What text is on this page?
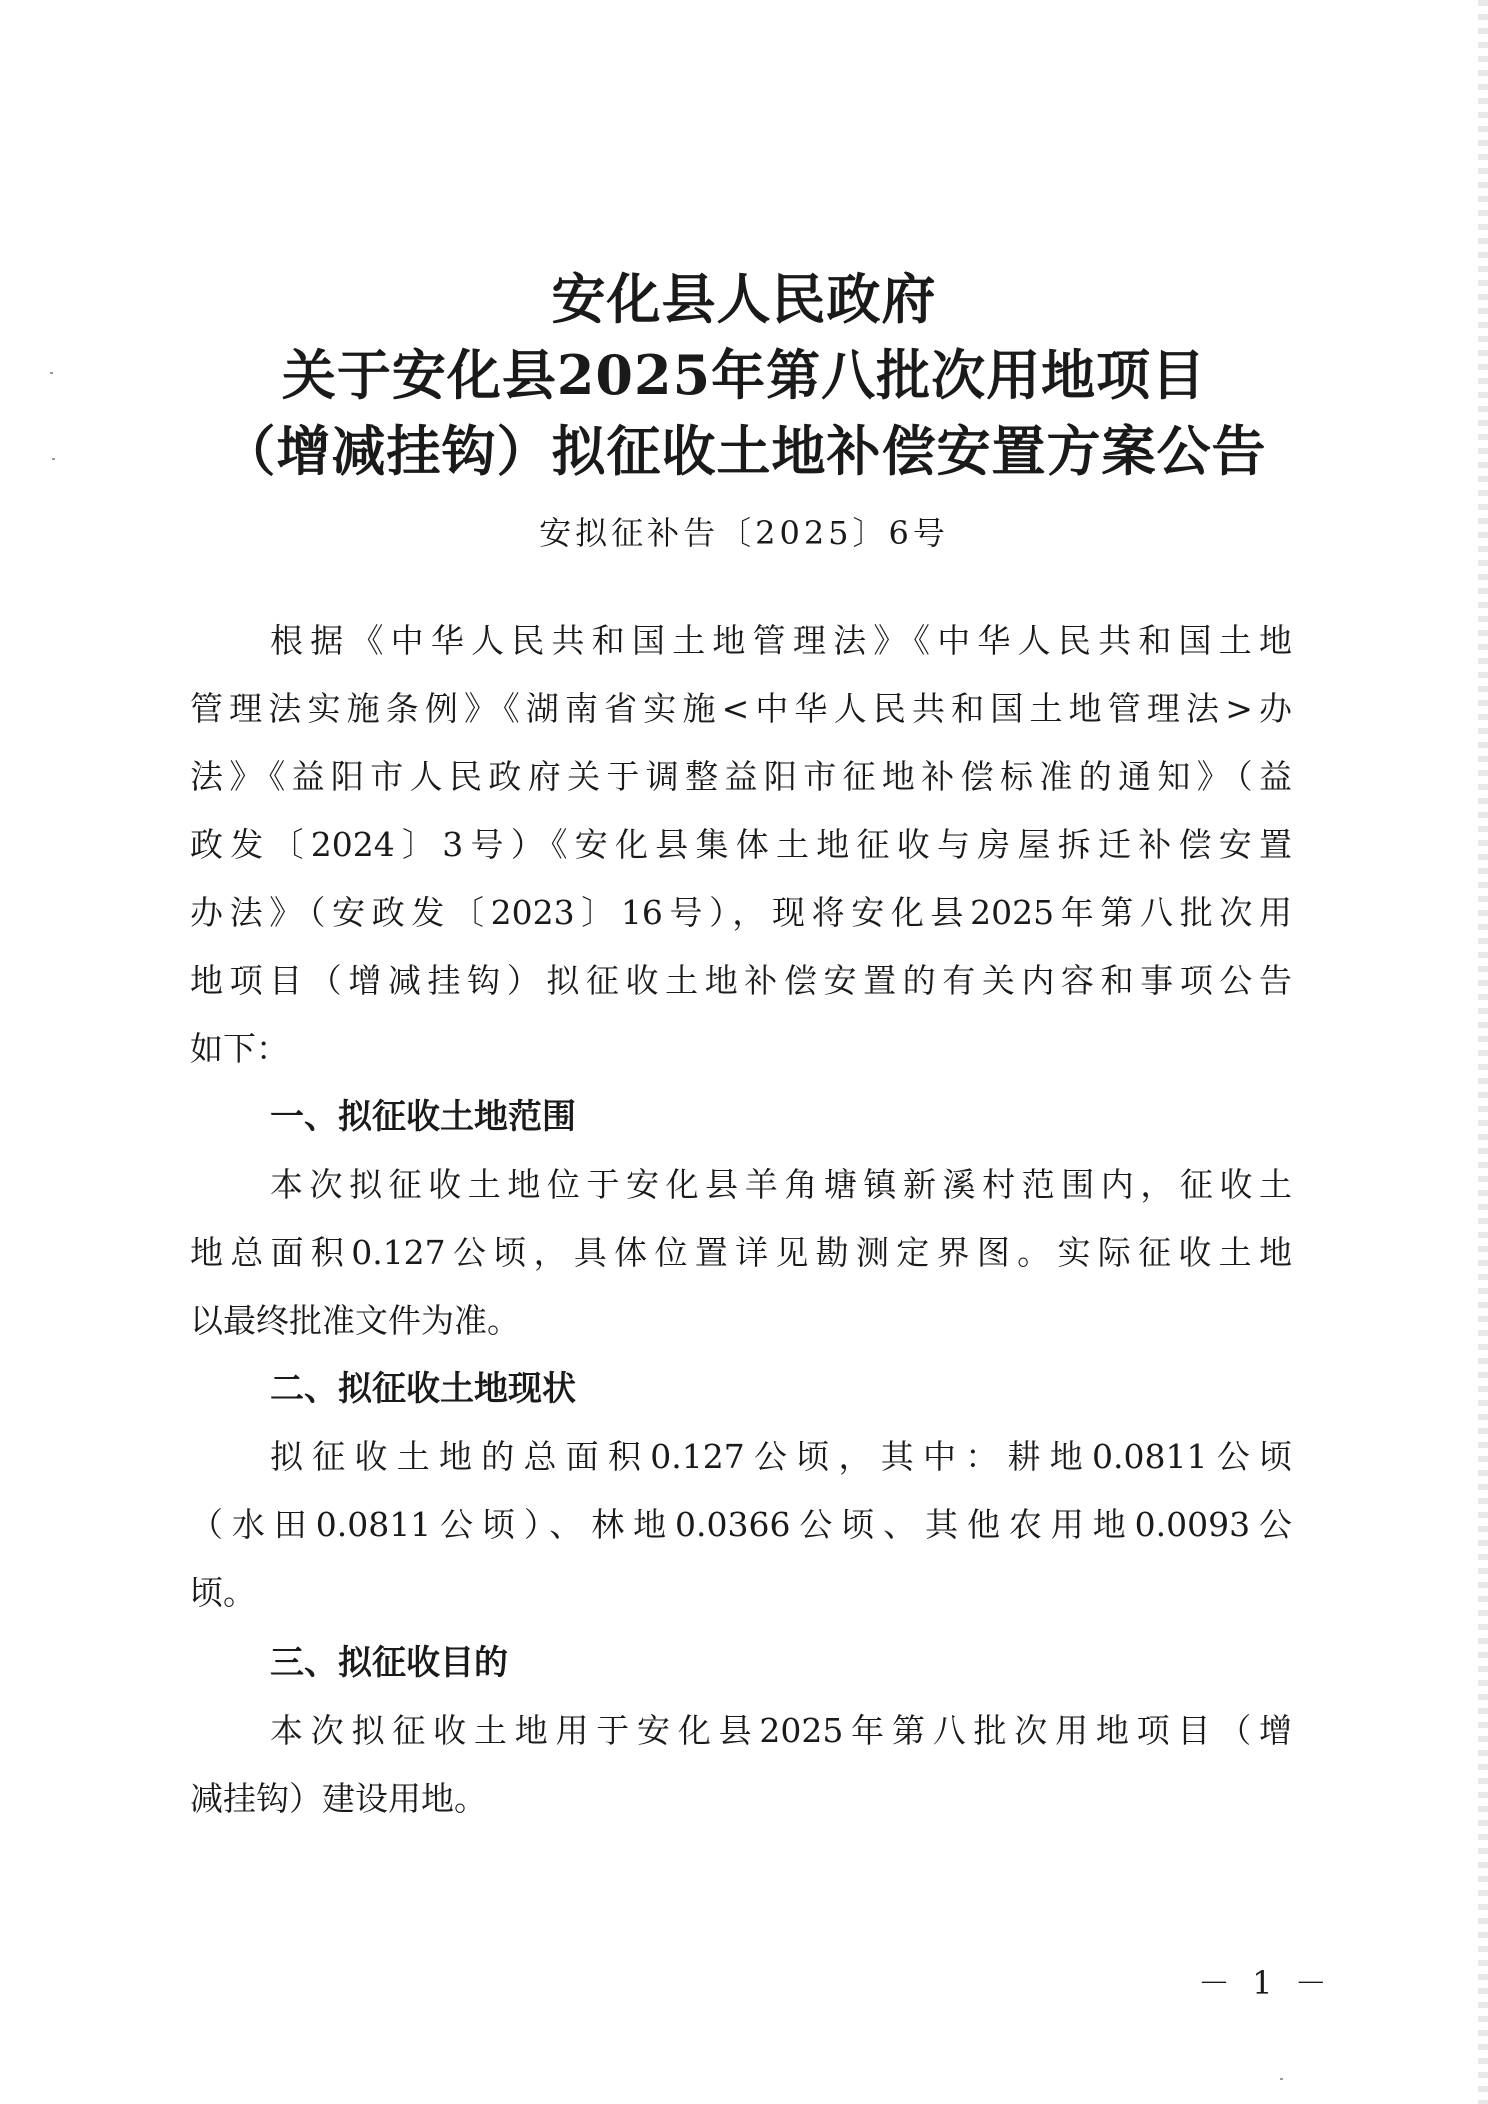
安化县人民政府
关于安化县2025年第八批次用地项目
（增减挂钩）拟征收土地补偿安置方案公告
安拟征补告〔2025〕6号
根据《中华人民共和国土地管理法》《中华人民共和国土地
管理法实施条例》《湖南省实施<中华人民共和国土地管理法>办
法》《益阳市人民政府关于调整益阳市征地补偿标准的通知》（益
政发〔2024〕3号）《安化县集体土地征收与房屋拆迁补偿安置
办法》（安政发〔2023〕16号），现将安化县2025年第八批次用
地项目（增减挂钩）拟征收土地补偿安置的有关内容和事项公告
如下：
一、拟征收土地范围
本次拟征收土地位于安化县羊角塘镇新溪村范围内，征收土
地总面积0.127公顷，具体位置详见勘测定界图。实际征收土地
以最终批准文件为准。
二、拟征收土地现状
拟征收土地的总面积0.127公顷，其中：耕地0.0811公顷
（水田0.0811公顷）、林地0.0366公顷、其他农用地0.0093公
顷。
三、拟征收目的
本次拟征收土地用于安化县2025年第八批次用地项目（增
减挂钩）建设用地。
－ 1 －
